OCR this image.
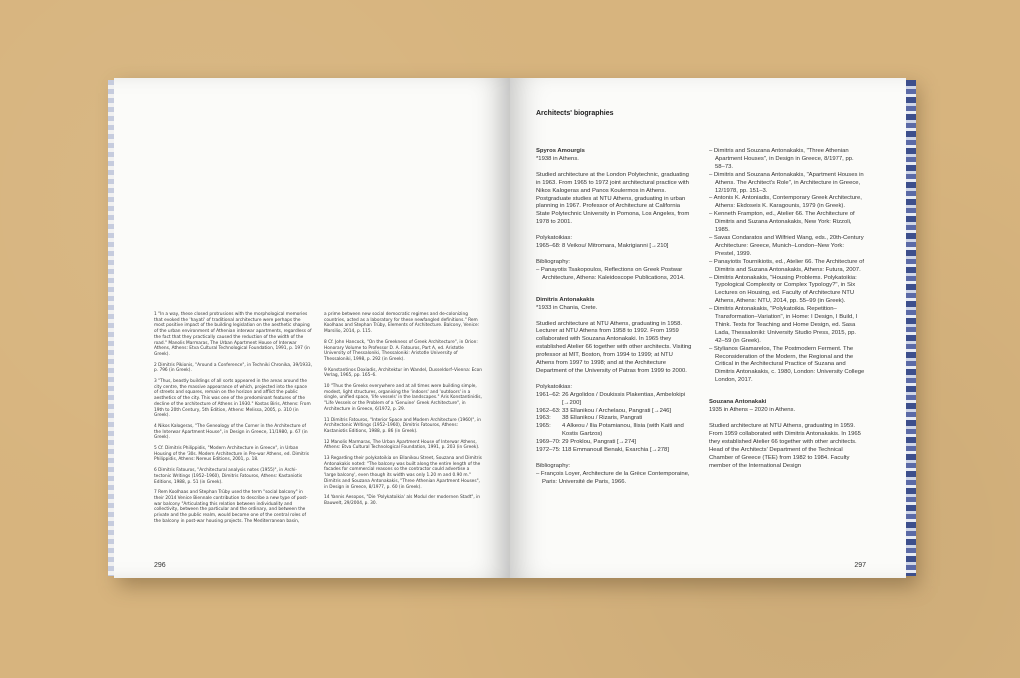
1 "In a way, these closed protrusions with the morphological memories that evoked the 'hayati' of traditional architecture were perhaps the most positive impact of the building legislation on the aesthetic shaping of the urban environment of Athenian interwar apartments, regardless of the fact that they practically caused the reduction of the width of the road." Manolis Marmaras, The Urban Apartment House of Interwar Athens, Athens: Etva Cultural Technological Foundation, 1991, p. 197 (in Greek).

2 Dimitris Pikionis, "Around a Conference", in Techniki Chronika, 39/1933, p. 796 (in Greek).

3 "Thus, beastly buildings of all sorts appeared in the areas around the city centre, the massive appearance of which, projected into the space of streets and squares, remain on the horizon and afflict the public aesthetics of the city. This was one of the predominant features of the decline of the architecture of Athens in 1930." Kostas Biris, Athens: From 19th to 20th Century, 5th Edition, Athens: Melissa, 2005, p. 310 (in Greek).

4 Nikos Kalogeras, "The Genealogy of the Corner in the Architecture of the Interwar Apartment House", in Design in Greece, 11/1980, p. 67 (in Greek).

5 Cf. Dimitris Philippidis, "Modern Architecture in Greece", in Urban Housing of the '30s. Modern Architecture in Pre-war Athens, ed. Dimitris Philippidis, Athens: Nereus Editions, 2001, p. 18.

6 Dimitris Fatouros, "Architectural analysis notes (1955)", in Archi-tectonic Writings (1952–1960), Dimitris Fatouros, Athens: Kastaniotis Editions, 1988, p. 51 (in Greek).

7 Rem Koolhaas and Stephan Trüby used the term "social balcony" in their 2014 Venice Biennale contribution to describe a new type of post-war balcony "Articulating this relation between individuality and collectivity, between the particular and the ordinary, and between the private and the public realm, would become one of the central roles of the balcony in post-war housing projects. The Mediterranean basin,

a prime between new social democratic regimes and de-colonizing countries, acted as a laboratory for these newfangled definitions." Rem Koolhaas and Stephan Trüby, Elements of Architecture. Balcony, Venice: Marsilio, 2014, p. 115.

8 Cf. John Hancock, "On the Greekness of Greek Architecture", in Orion: Honorary Volume to Professor D. A. Fatouros, Part A, ed. Aristotle University of Thessaloniki, Thessaloniki: Aristotle University of Thessaloniki, 1998, p. 292 (in Greek).

9 Konstantinos Doxiadis, Architektur im Wandel, Dusseldorf–Vienna: Econ Verlag, 1965, pp. 165–6.

10 "Thus the Greeks everywhere and at all times were building simple, modest, light structures, organising the 'indoors' and 'outdoors' in a single, unified space, 'life vessels' in the landscapes." Aris Konstantinidis, "Life Vessels or the Problem of a 'Genuine' Greek Architecture", in Architecture in Greece, 6/1972, p. 29.

11 Dimitris Fatouros, "Interior Space and Modern Architecture (1960)", in Architectonic Writings (1952–1960), Dimitris Fatouros, Athens: Kastaniotis Editions, 1988, p. 86 (in Greek).

12 Manolis Marmaras, The Urban Apartment House of Interwar Athens, Athens: Etva Cultural Technological Foundation, 1991, p. 203 (in Greek).

13 Regarding their polykatoikia on Ellanikou Street, Souzana and Dimitris Antonakakis noted: "The balcony was built along the entire length of the facades for commercial reasons so the contractor could advertise a 'large balcony', even though its width was only 1.20 m and 0.90 m." Dimitris and Souzana Antonakakis, "Three Athenian Apartment Houses", in Design in Greece, 8/1977, p. 60 (in Greek).

14 Yannis Aesopos, "Die 'Polykatoikia' als Modul der modernen Stadt", in Bauwelt, 29/2004, p. 30.

296
Architects' biographies

Spyros Amourgis

*1938 in Athens.

Studied architecture at the London Polytechnic, graduating in 1963. From 1965 to 1972 joint architectural practice with Nikos Kalogeras and Panos Koulermos in Athens. Postgraduate studies at NTU Athens, graduating in urban planning in 1967. Professor of Architecture at California State Polytechnic University in Pomona, Los Angeles, from 1978 to 2001.

Polykatoikias:

1965–68: 8 Veikou/ Mitromara, Makrigianni [→210]

Bibliography:

– Panayotis Tsakopoulos, Reflections on Greek Postwar Architecture, Athens: Kaleidoscope Publications, 2014.

Dimitris Antonakakis

*1933 in Chania, Crete.

Studied architecture at NTU Athens, graduating in 1958. Lecturer at NTU Athens from 1958 to 1992. From 1959 collaborated with Souzana Antonakaki. In 1965 they established Atelier 66 together with other architects. Visiting professor at MIT, Boston, from 1994 to 1999; at NTU Athens from 1997 to 1998; and at the Architecture Department of the University of Patras from 1999 to 2000.

Polykatoikias:

1961–62: 26 Argolidos / Doukissis Plakentias, Ambelokipi [→200]
1962–63: 33 Ellanikou / Archelaou, Pangrati [→246]
1963:	38 Ellanikou / Rizaris, Pangrati
1965:	4 Alkeou / Ilia Potamianou, Ilisia (with Kaiti and Kostis Gartzos)
1969–70: 29 Proklou, Pangrati [→274]
1972–75: 118 Emmanouil Benaki, Exarchia [→278]

Bibliography:

– François Loyer, Architecture de la Grèce Contemporaine, Paris: Université de Paris, 1966.

– Dimitris and Souzana Antonakakis, "Three Athenian Apartment Houses", in Design in Greece, 8/1977, pp. 58–73.

– Dimitris and Souzana Antonakakis, "Apartment Houses in Athens. The Architect's Role", in Architecture in Greece, 12/1978, pp. 151–3.

– Antonis K. Antoniadis, Contemporary Greek Architecture, Athens: Ekdoseis K. Karagounis, 1979 (in Greek).

– Kenneth Frampton, ed., Atelier 66. The Architecture of Dimitris and Suzana Antonakakis, New York: Rizzoli, 1985.

– Savas Condaratos and Wilfried Wang, eds., 20th-Century Architecture: Greece, Munich–London–New York: Prestel, 1999.

– Panayiotis Tournikiotis, ed., Atelier 66. The Architecture of Dimitris and Suzana Antonakakis, Athens: Futura, 2007.

– Dimitris Antonakakis, "Housing Problems. Polykatoikia: Typological Complexity or Complex Typology?", in Six Lectures on Housing, ed. Faculty of Architecture NTU Athens, Athens: NTU, 2014, pp. 55–99 (in Greek).

– Dimitris Antonakakis, "Polykatoikia. Repetition–Transformation–Variation", in Home: I Design, I Build, I Think. Texts for Teaching and Home Design, ed. Sasa Lada, Thessaloniki: University Studio Press, 2015, pp. 42–59 (in Greek).

– Stylianos Giamarelos, The Postmodern Ferment. The Reconsideration of the Modern, the Regional and the Critical in the Architectural Practice of Suzana and Dimitris Antonakakis, c. 1980, London: University College London, 2017.

Souzana Antonakaki

1935 in Athens – 2020 in Athens.

Studied architecture at NTU Athens, graduating in 1959. From 1959 collaborated with Dimitris Antonakakis. In 1965 they established Atelier 66 together with other architects. Head of the Architects' Department of the Technical Chamber of Greece (TEE) from 1982 to 1984. Faculty member of the International Design

297
